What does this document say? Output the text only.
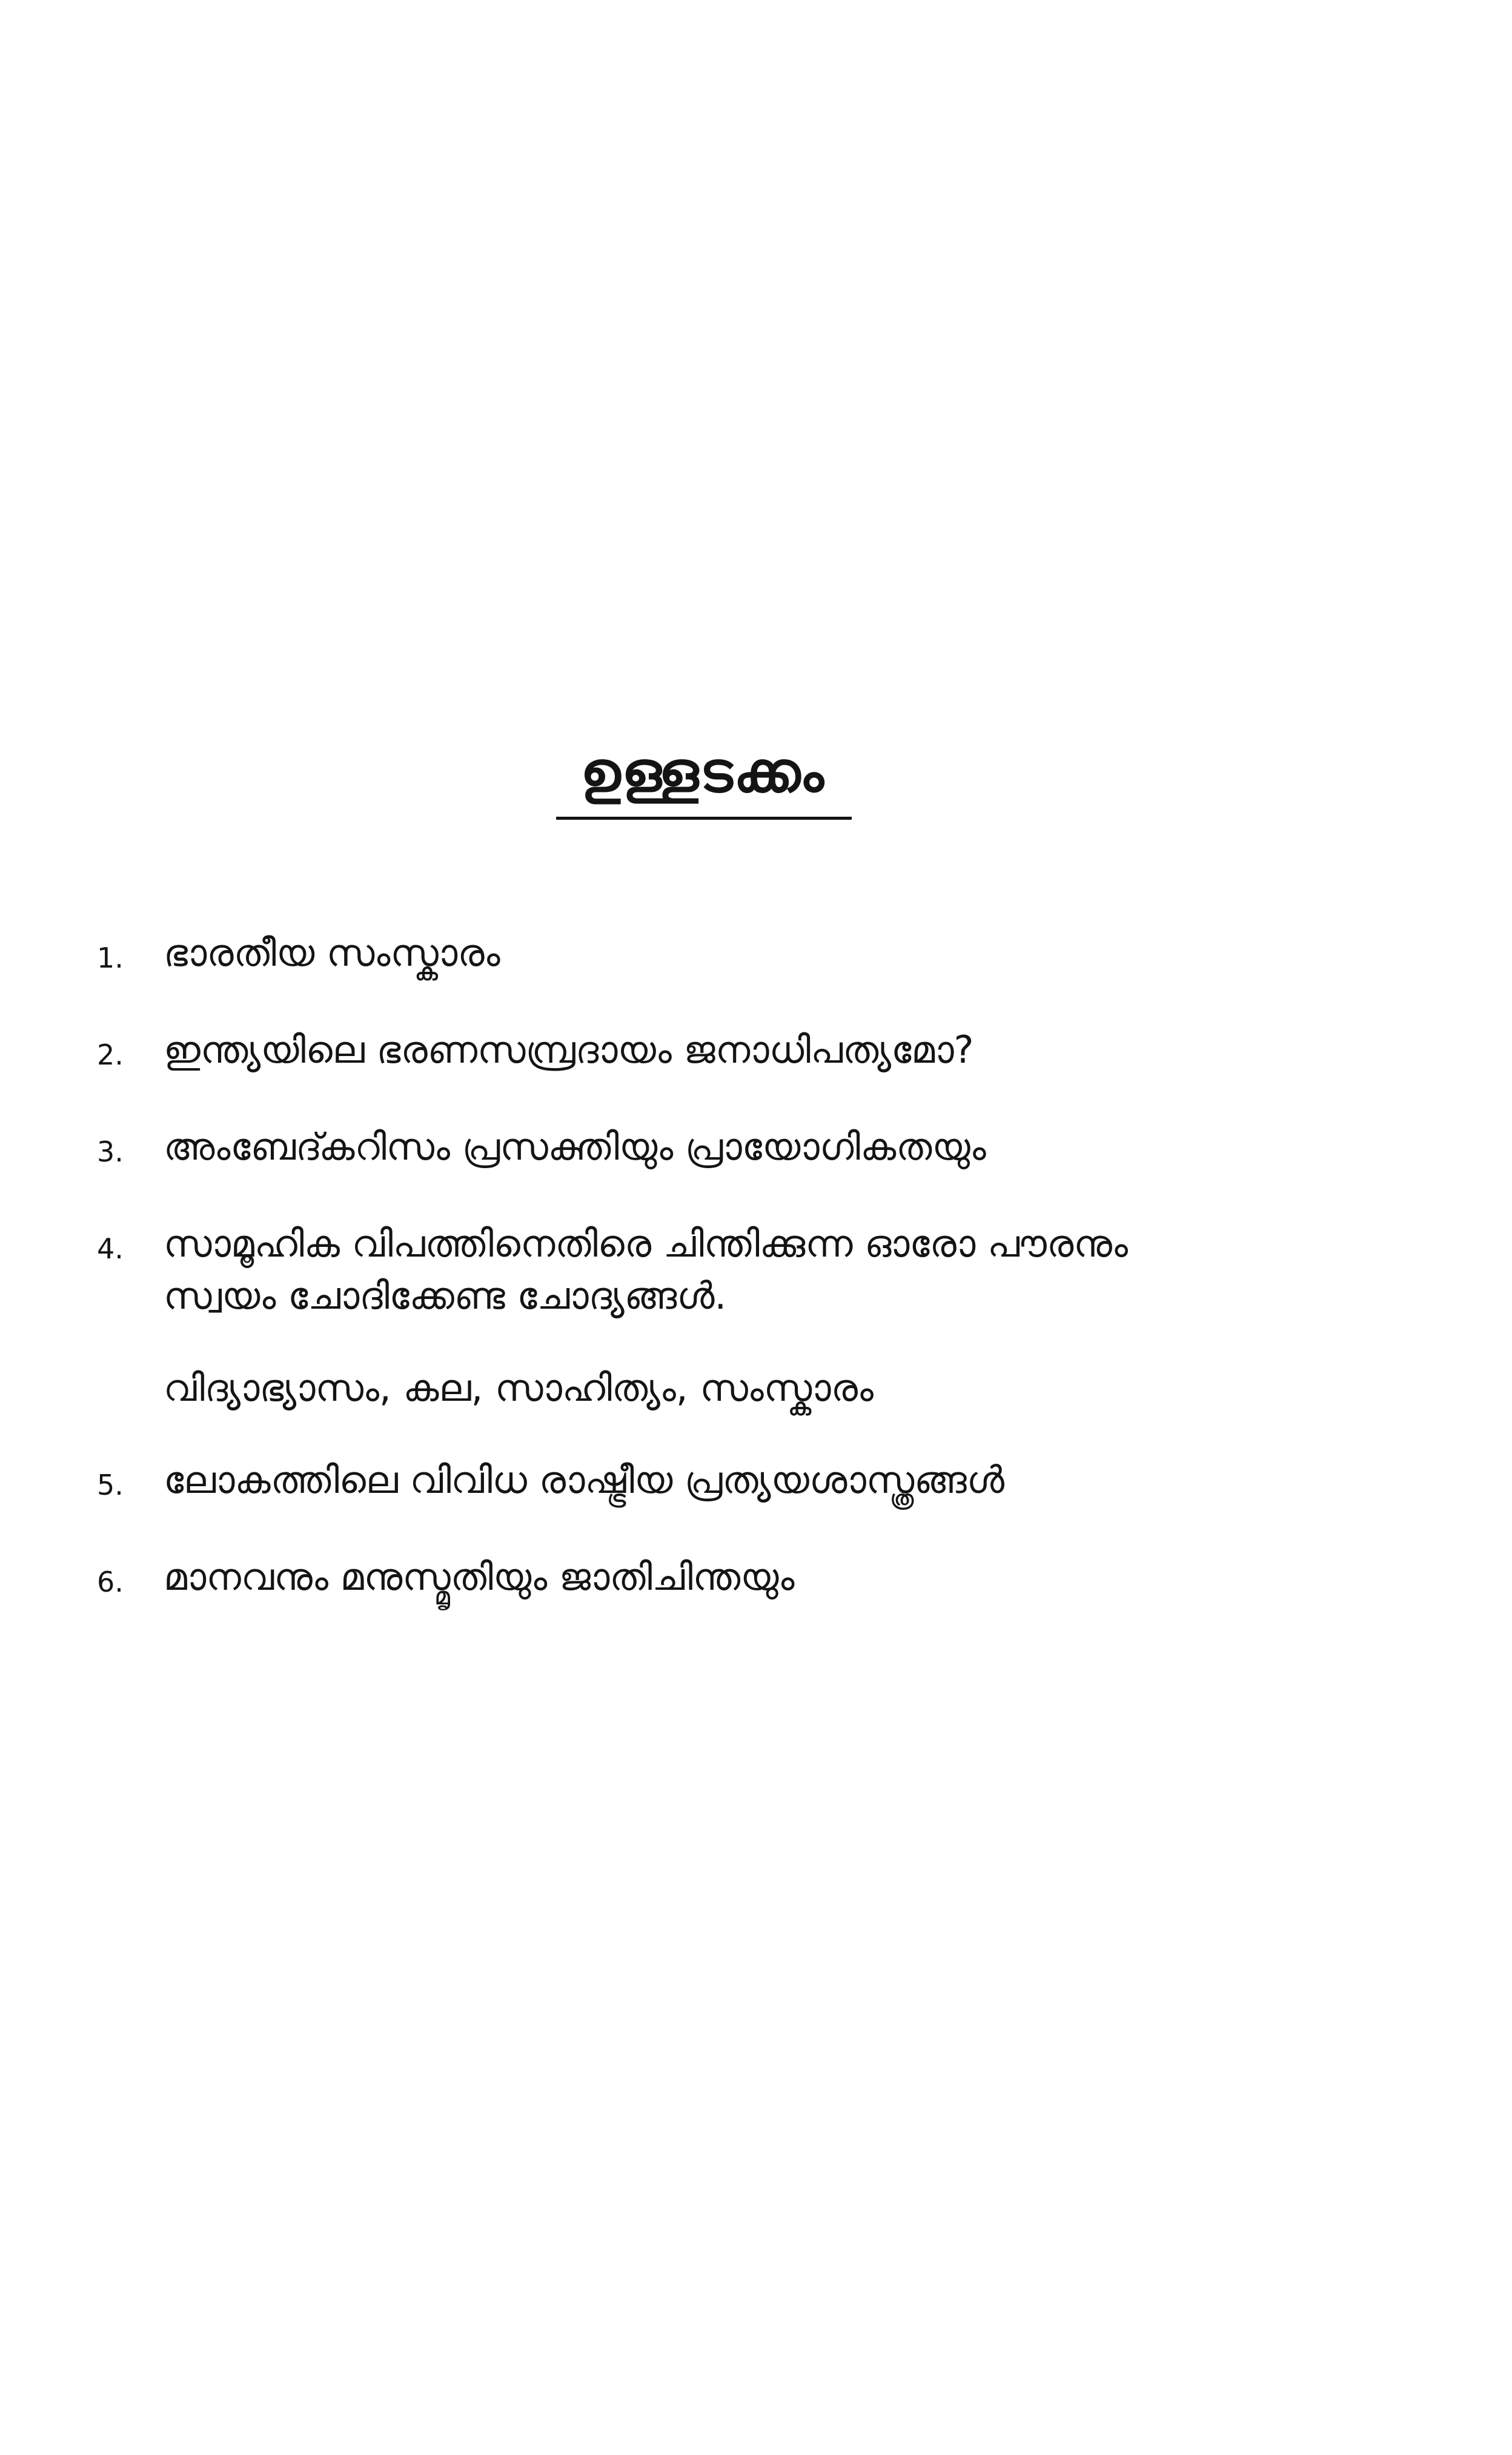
ഉള്ളടക്കം
1.	ഭാരതീയ സംസ്കാരം
2.	ഇന്ത്യയിലെ ഭരണസമ്പ്രദായം ജനാധിപത്യമോ?
3.	അംബേദ്കറിസം പ്രസക്തിയും പ്രായോഗികതയും
4.	സാമൂഹിക വിപത്തിനെതിരെ ചിന്തിക്കുന്ന ഓരോ പൗരനും
സ്വയം ചോദിക്കേണ്ട ചോദ്യങ്ങൾ.
വിദ്യാഭ്യാസം, കല, സാഹിത്യം, സംസ്കാരം
5.	ലോകത്തിലെ വിവിധ രാഷ്ട്രീയ പ്രത്യയശാസ്ത്രങ്ങൾ
6.	മാനവനും മനുസ്മൃതിയും ജാതിചിന്തയും
